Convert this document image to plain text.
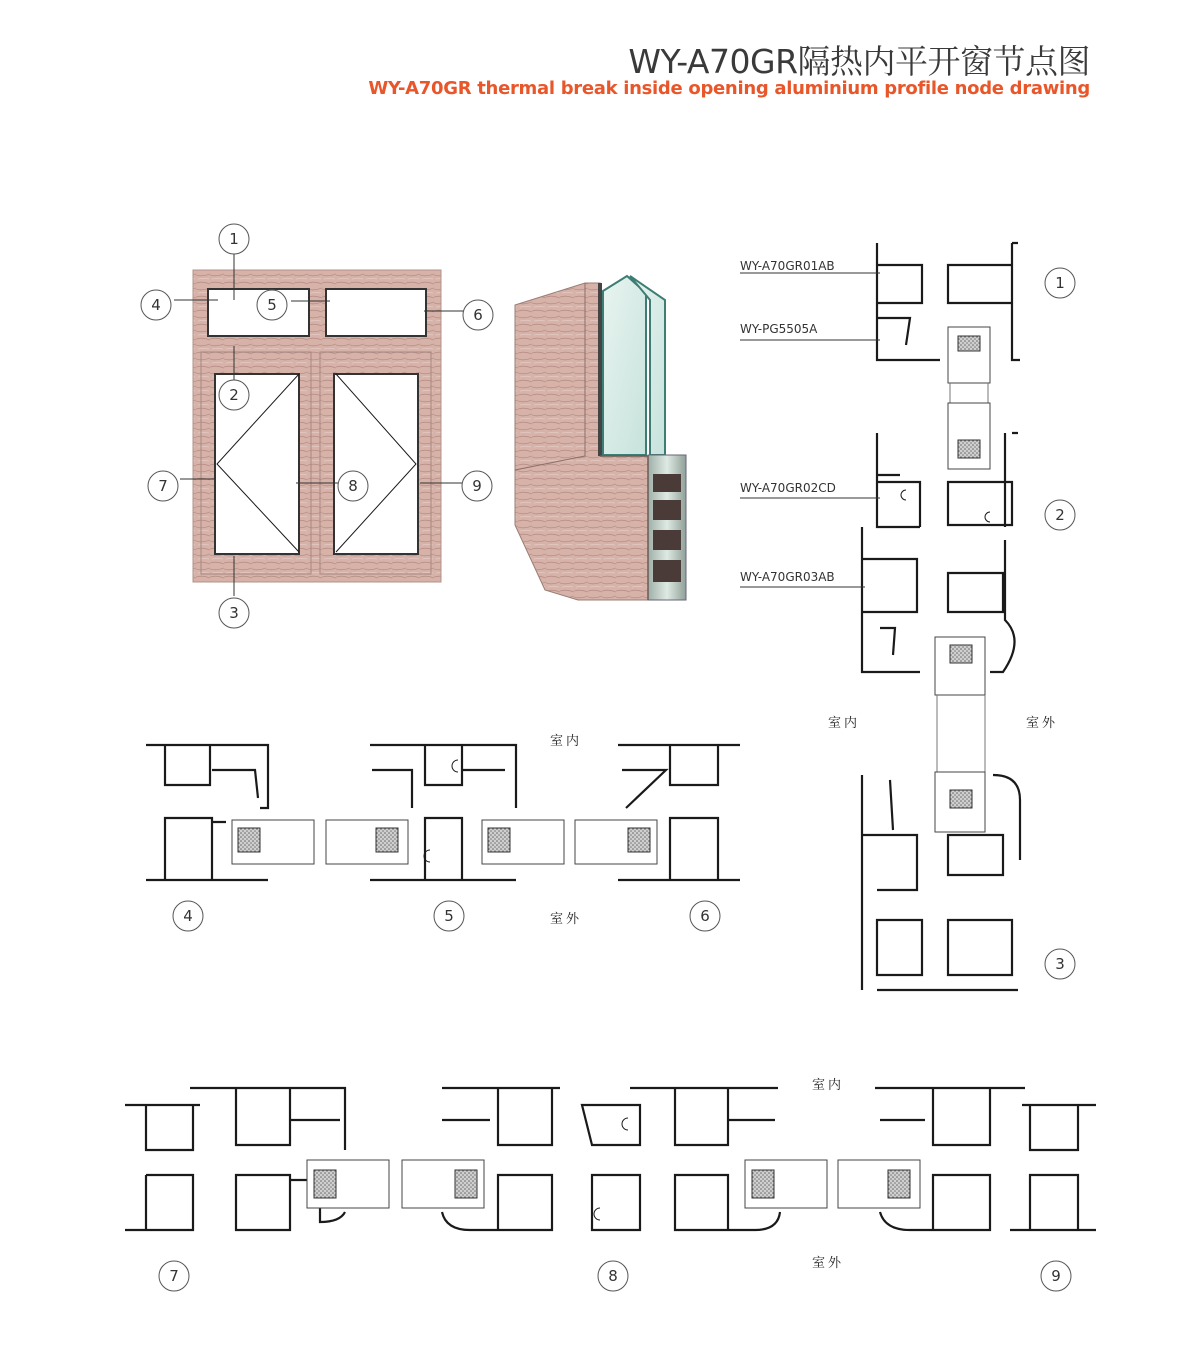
WY-A70GR隔热内平开窗节点图
WY-A70GR thermal break inside opening aluminium profile node drawing
WY-A70GR01AB
WY-PG5505A
WY-A70GR02CD
WY-A70GR03AB
室内	室外
室内
室外
室内
室外
1
4	5
6
2
7	8	9
3
1
2
3
4	5	6
7	8	9
